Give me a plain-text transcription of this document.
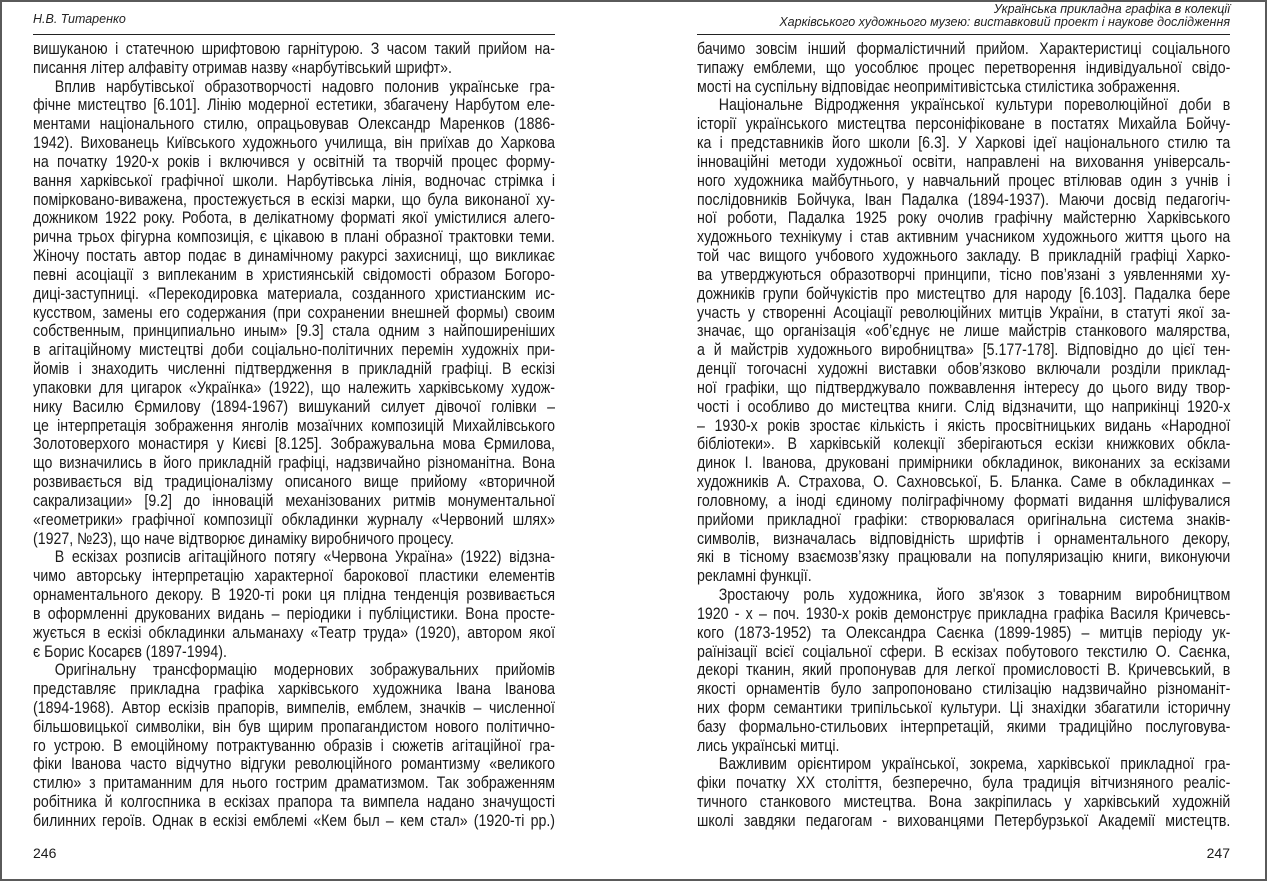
Н.В. Титаренко
вишуканою і статечною шрифтовою гарнітурою. З часом такий прийом на-
писання літер алфавіту отримав назву «нарбутівський шрифт».
Вплив нарбутівської образотворчості надовго полонив українське гра-
фічне мистецтво [6.101]. Лінію модерної естетики, збагачену Нарбутом еле-
ментами національного стилю, опрацьовував Олександр Маренков (1886-
1942). Вихованець Київського художнього училища, він приїхав до Харкова
на початку 1920-х років і включився у освітній та творчій процес форму-
вання харківської графічної школи. Нарбутівська лінія, водночас стрімка і
помірковано-виважена, простежується в ескізі марки, що була виконаної ху-
дожником 1922 року. Робота, в делікатному форматі якої умістилися алего-
рична трьох фігурна композиція, є цікавою в плані образної трактовки теми.
Жіночу постать автор подає в динамічному ракурсі захисниці, що викликає
певні асоціації з виплеканим в християнській свідомості образом Богоро-
диці-заступниці. «Перекодировка материала, созданного христианским ис-
кусством, замены его содержания (при сохранении внешней формы) своим
собственным, принципиально иным» [9.3] стала одним з найпоширеніших
в агітаційному мистецтві доби соціально-політичних перемін художніх при-
йомів і знаходить численні підтвердження в прикладній графіці. В ескізі
упаковки для цигарок «Українка» (1922), що належить харківському худож-
нику Василю Єрмилову (1894-1967) вишуканий силует дівочої голівки –
це інтерпретація зображення янголів мозаїчних композицій Михайлівського
Золотоверхого монастиря у Києві [8.125]. Зображувальна мова Єрмилова,
що визначились в його прикладній графіці, надзвичайно різноманітна. Вона
розвивається від традиціоналізму описаного вище прийому «вторичной
сакрализации» [9.2] до інновацій механізованих ритмів монументальної
«геометрики» графічної композиції обкладинки журналу «Червоний шлях»
(1927, №23), що наче відтворює динаміку виробничого процесу.
В ескізах розписів агітаційного потягу «Червона Україна» (1922) відзна-
чимо авторську інтерпретацію характерної барокової пластики елементів
орнаментального декору. В 1920-ті роки ця плідна тенденція розвивається
в оформленні друкованих видань – періодики і публіцистики. Вона просте-
жується в ескізі обкладинки альманаху «Театр труда» (1920), автором якої
є Борис Косарєв (1897-1994).
Оригінальну трансформацію модернових зображувальних прийомів
представляє прикладна графіка харківського художника Івана Іванова
(1894-1968). Автор ескізів прапорів, вимпелів, емблем, значків – численної
більшовицької символіки, він був щирим пропагандистом нового політично-
го устрою. В емоційному потрактуванню образів і сюжетів агітаційної гра-
фіки Іванова часто відчутно відгуки революційного романтизму «великого
стилю» з притаманним для нього гострим драматизмом. Так зображенням
робітника й колгоспника в ескізах прапора та вимпела надано значущості
билинних героїв. Однак в ескізі емблемі «Кем был – кем стал» (1920-ті рр.)
246
Українська прикладна графіка в колекції
Харківського художнього музею: виставковий проект і наукове дослідження
бачимо зовсім інший формалістичний прийом. Характеристиці соціального
типажу емблеми, що уособлює процес перетворення індивідуальної свідо-
мості на суспільну відповідає неопримітивістська стилістика зображення.
Національне Відродження української культури пореволюційної доби в
історії українського мистецтва персоніфіковане в постатях Михайла Бойчу-
ка і представників його школи [6.3]. У Харкові ідеї національного стилю та
інноваційні методи художньої освіти, направлені на виховання універсаль-
ного художника майбутнього, у навчальний процес втілював один з учнів і
послідовників Бойчука, Іван Падалка (1894-1937). Маючи досвід педагогіч-
ної роботи, Падалка 1925 року очолив графічну майстерню Харківського
художнього технікуму і став активним учасником художнього життя цього на
той час вищого учбового художнього закладу. В прикладній графіці Харко-
ва утверджуються образотворчі принципи, тісно пов’язані з уявленнями ху-
дожників групи бойчукістів про мистецтво для народу [6.103]. Падалка бере
участь у створенні Асоціації революційних митців України, в статуті якої за-
значає, що організація «об’єднує не лише майстрів станкового малярства,
а й майстрів художнього виробництва» [5.177-178]. Відповідно до цієї тен-
денції тогочасні художні виставки обов’язково включали розділи приклад-
ної графіки, що підтверджувало пожвавлення інтересу до цього виду твор-
чості і особливо до мистецтва книги. Слід відзначити, що наприкінці 1920-х
– 1930-х років зростає кількість і якість просвітницьких видань «Народної
бібліотеки». В харківській колекції зберігаються ескізи книжкових обкла-
динок І. Іванова, друковані примірники обкладинок, виконаних за ескізами
художників А. Страхова, О. Сахновської, Б. Бланка. Саме в обкладинках –
головному, а іноді єдиному поліграфічному форматі видання шліфувалися
прийоми прикладної графіки: створювалася оригінальна система знаків-
символів, визначалась відповідність шрифтів і орнаментального декору,
які в тісному взаємозв’язку працювали на популяризацію книги, виконуючи
рекламні функції.
Зростаючу роль художника, його зв'язок з товарним виробництвом
1920 - х – поч. 1930-х років демонструє прикладна графіка Василя Кричевсь-
кого (1873-1952) та Олександра Саєнка (1899-1985) – митців періоду ук-
раїнізації всієї соціальної сфери. В ескізах побутового текстилю О. Саєнка,
декорі тканин, який пропонував для легкої промисловості В. Кричевський, в
якості орнаментів було запропоновано стилізацію надзвичайно різноманіт-
них форм семантики трипільської культури. Ці знахідки збагатили історичну
базу формально-стильових інтерпретацій, якими традиційно послуговува-
лись українські митці.
Важливим орієнтиром української, зокрема, харківської прикладної гра-
фіки початку ХХ століття, безперечно, була традиція вітчизняного реаліс-
тичного станкового мистецтва. Вона закріпилась у харківський художній
школі завдяки педагогам - вихованцями Петербурзької Академії мистецтв.
247
